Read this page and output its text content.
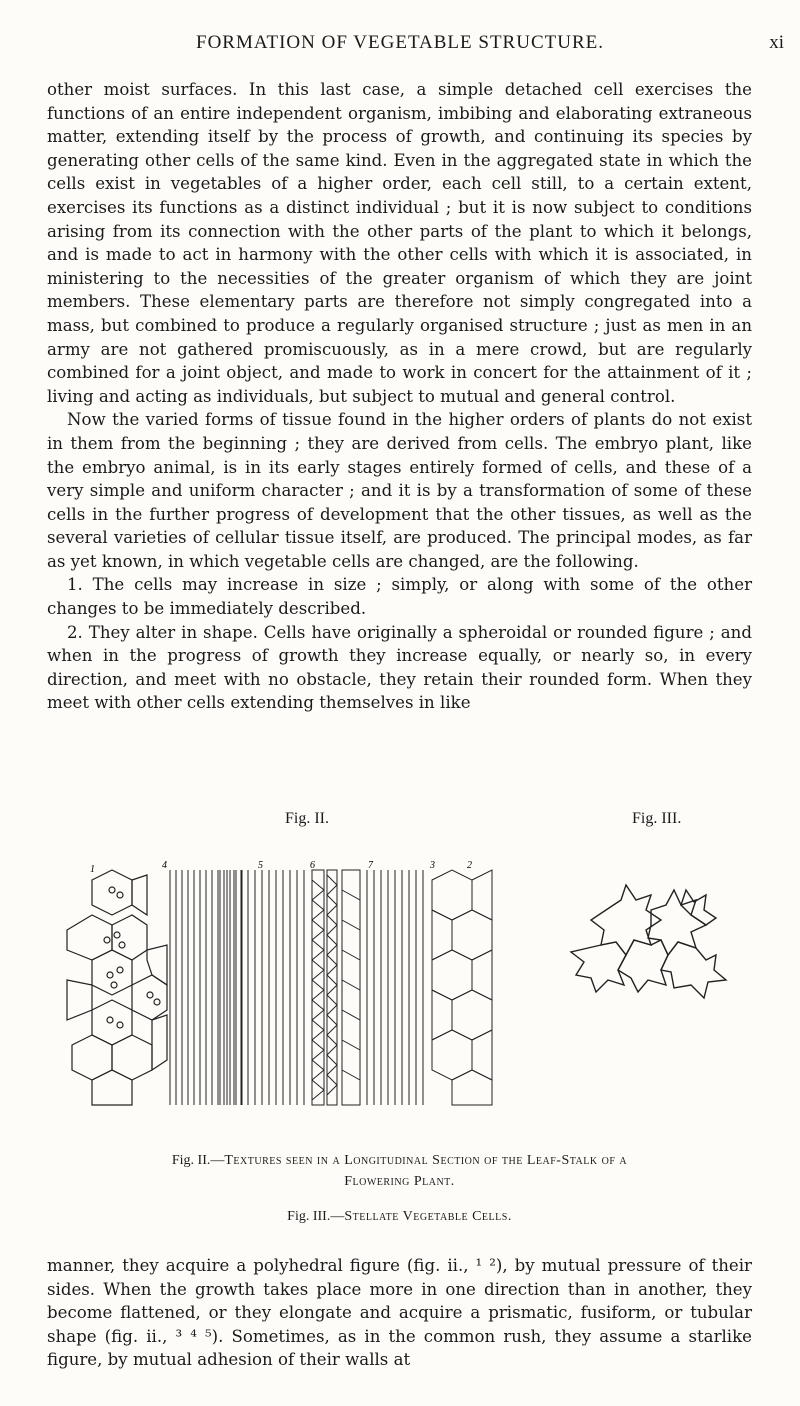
FORMATION OF VEGETABLE STRUCTURE.	xi

other moist surfaces. In this last case, a simple detached cell exercises the functions of an entire independent organism, imbibing and elaborating extraneous matter, extending itself by the process of growth, and continuing its species by generating other cells of the same kind. Even in the aggregated state in which the cells exist in vegetables of a higher order, each cell still, to a certain extent, exercises its functions as a distinct individual ; but it is now subject to conditions arising from its connection with the other parts of the plant to which it belongs, and is made to act in harmony with the other cells with which it is associated, in ministering to the necessities of the greater organism of which they are joint members. These elementary parts are therefore not simply congregated into a mass, but combined to produce a regularly organised structure ; just as men in an army are not gathered promiscuously, as in a mere crowd, but are regularly combined for a joint object, and made to work in concert for the attainment of it ; living and acting as individuals, but subject to mutual and general control.

Now the varied forms of tissue found in the higher orders of plants do not exist in them from the beginning ; they are derived from cells. The embryo plant, like the embryo animal, is in its early stages entirely formed of cells, and these of a very simple and uniform character ; and it is by a transformation of some of these cells in the further progress of development that the other tissues, as well as the several varieties of cellular tissue itself, are produced. The principal modes, as far as yet known, in which vegetable cells are changed, are the following.

1. The cells may increase in size ; simply, or along with some of the other changes to be immediately described.

2. They alter in shape. Cells have originally a spheroidal or rounded figure ; and when in the progress of growth they increase equally, or nearly so, in every direction, and meet with no obstacle, they retain their rounded form. When they meet with other cells extending themselves in like

Fig. II.	Fig. III.
1	4	5	6	7	3	2
Fig. II.—Textures seen in a Longitudinal Section of the Leaf-Stalk of a
Flowering Plant.
Fig. III.—Stellate Vegetable Cells.

manner, they acquire a polyhedral figure (fig. ii., ¹ ²), by mutual pressure of their sides. When the growth takes place more in one direction than in another, they become flattened, or they elongate and acquire a prismatic, fusiform, or tubular shape (fig. ii., ³ ⁴ ⁵). Sometimes, as in the common rush, they assume a starlike figure, by mutual adhesion of their walls at
